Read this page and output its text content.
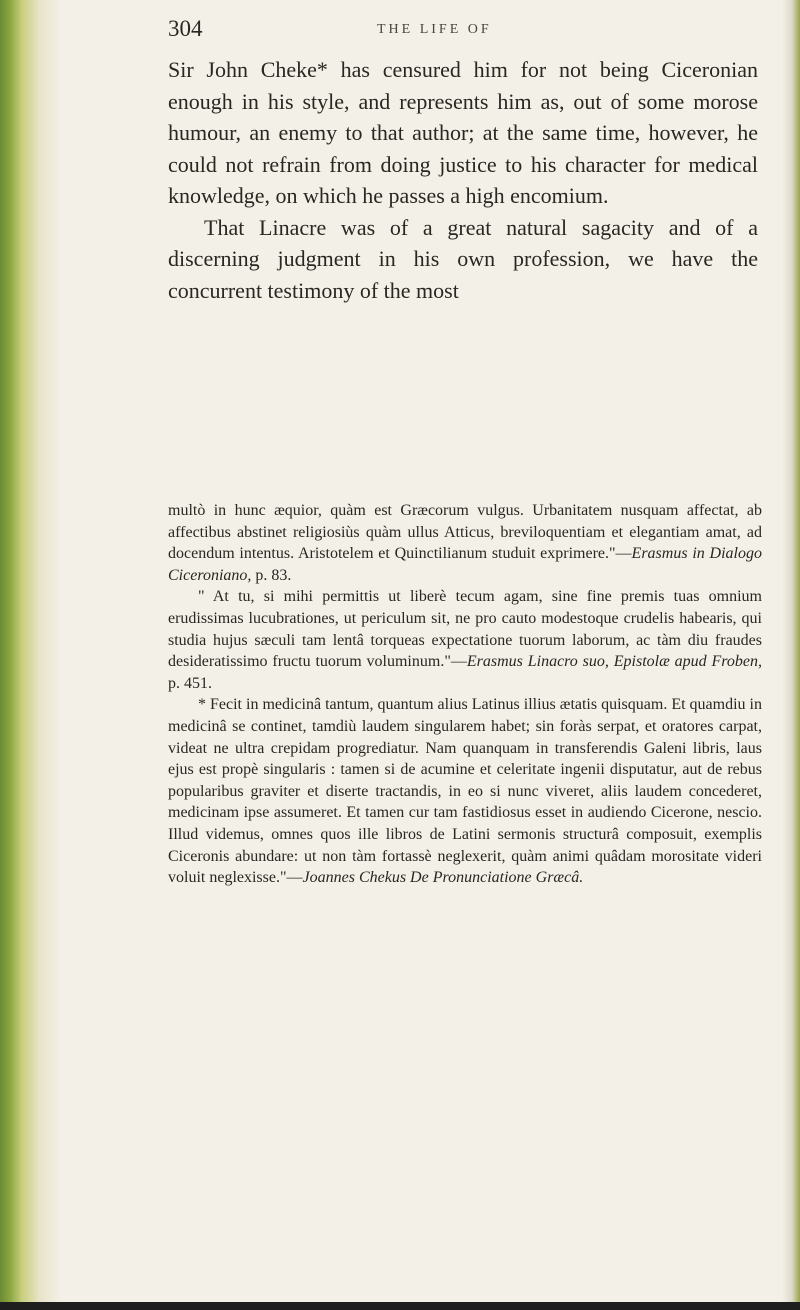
304	THE LIFE OF

Sir John Cheke* has censured him for not being Ciceronian enough in his style, and represents him as, out of some morose humour, an enemy to that author; at the same time, however, he could not refrain from doing justice to his character for medical knowledge, on which he passes a high encomium.

That Linacre was of a great natural sagacity and of a discerning judgment in his own profession, we have the concurrent testimony of the most

multò in hunc æquior, quàm est Græcorum vulgus. Urbanitatem nusquam affectat, ab affectibus abstinet religiosiùs quàm ullus Atticus, breviloquentiam et elegantiam amat, ad docendum intentus. Aristotelem et Quinctilianum studuit exprimere."—Erasmus in Dialogo Ciceroniano, p. 83.

" At tu, si mihi permittis ut liberè tecum agam, sine fine premis tuas omnium erudissimas lucubrationes, ut periculum sit, ne pro cauto modestoque crudelis habearis, qui studia hujus sæculi tam lentâ torqueas expectatione tuorum laborum, ac tàm diu fraudes desideratissimo fructu tuorum voluminum."—Erasmus Linacro suo, Epistolæ apud Froben, p. 451.

* Fecit in medicinâ tantum, quantum alius Latinus illius ætatis quisquam. Et quamdiu in medicinâ se continet, tamdiù laudem singularem habet; sin foràs serpat, et oratores carpat, videat ne ultra crepidam progrediatur. Nam quanquam in transferendis Galeni libris, laus ejus est propè singularis : tamen si de acumine et celeritate ingenii disputatur, aut de rebus popularibus graviter et diserte tractandis, in eo si nunc viveret, aliis laudem concederet, medicinam ipse assumeret. Et tamen cur tam fastidiosus esset in audiendo Cicerone, nescio. Illud videmus, omnes quos ille libros de Latini sermonis structurâ composuit, exemplis Ciceronis abundare: ut non tàm fortassè neglexerit, quàm animi quâdam morositate videri voluit neglexisse."—Joannes Chekus De Pronunciatione Græcâ.
